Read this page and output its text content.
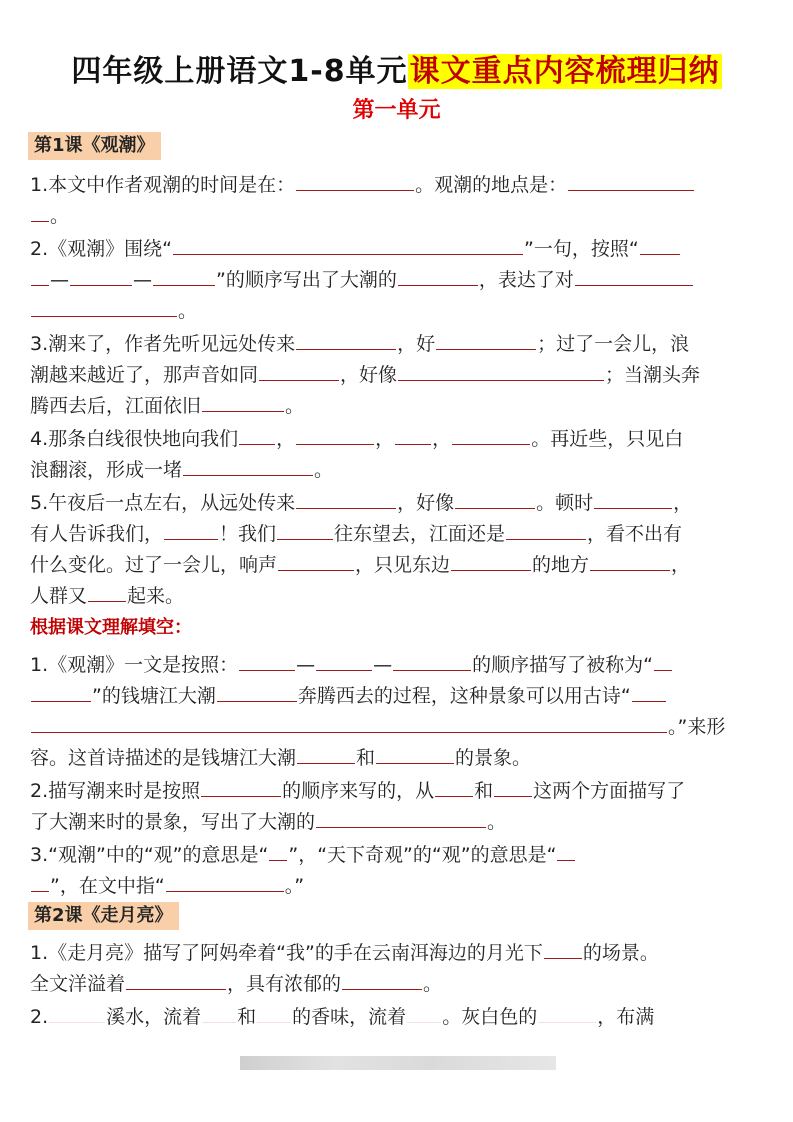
四年级上册语文1-8单元课文重点内容梳理归纳
第一单元
第1课《观潮》
1.本文中作者观潮的时间是在：	。观潮的地点是：
。
2.《观潮》围绕“	”一句，按照“
—	—	”的顺序写出了大潮的	，表达了对
。
3.潮来了，作者先听见远处传来	，好	；过了一会儿，浪
潮越来越近了，那声音如同	，好像	；当潮头奔
腾西去后，江面依旧	。
4.那条白线很快地向我们 ，	， ，	。再近些，只见白
浪翻滚，形成一堵	。
5.午夜后一点左右，从远处传来	，好像	。顿时	，
有人告诉我们，	！我们	往东望去，江面还是	，看不出有
什么变化。过了一会儿，响声	，只见东边	的地方	，
人群又 起来。
根据课文理解填空：
1.《观潮》一文是按照：	—	—	的顺序描写了被称为“
”的钱塘江大潮	奔腾西去的过程，这种景象可以用古诗“
。”来形
容。这首诗描述的是钱塘江大潮	和	的景象。
2.描写潮来时是按照	的顺序来写的，从 和 这两个方面描写了
了大潮来时的景象，写出了大潮的	。
3.“观潮”中的“观”的意思是“ ”，“天下奇观”的“观”的意思是“
”，在文中指“	。”
第2课《走月亮》
1.《走月亮》描写了阿妈牵着“我”的手在云南洱海边的月光下 的场景。
全文洋溢着	，具有浓郁的	。
2.	溪水，流着 和 的香味，流着 。灰白色的	，布满
